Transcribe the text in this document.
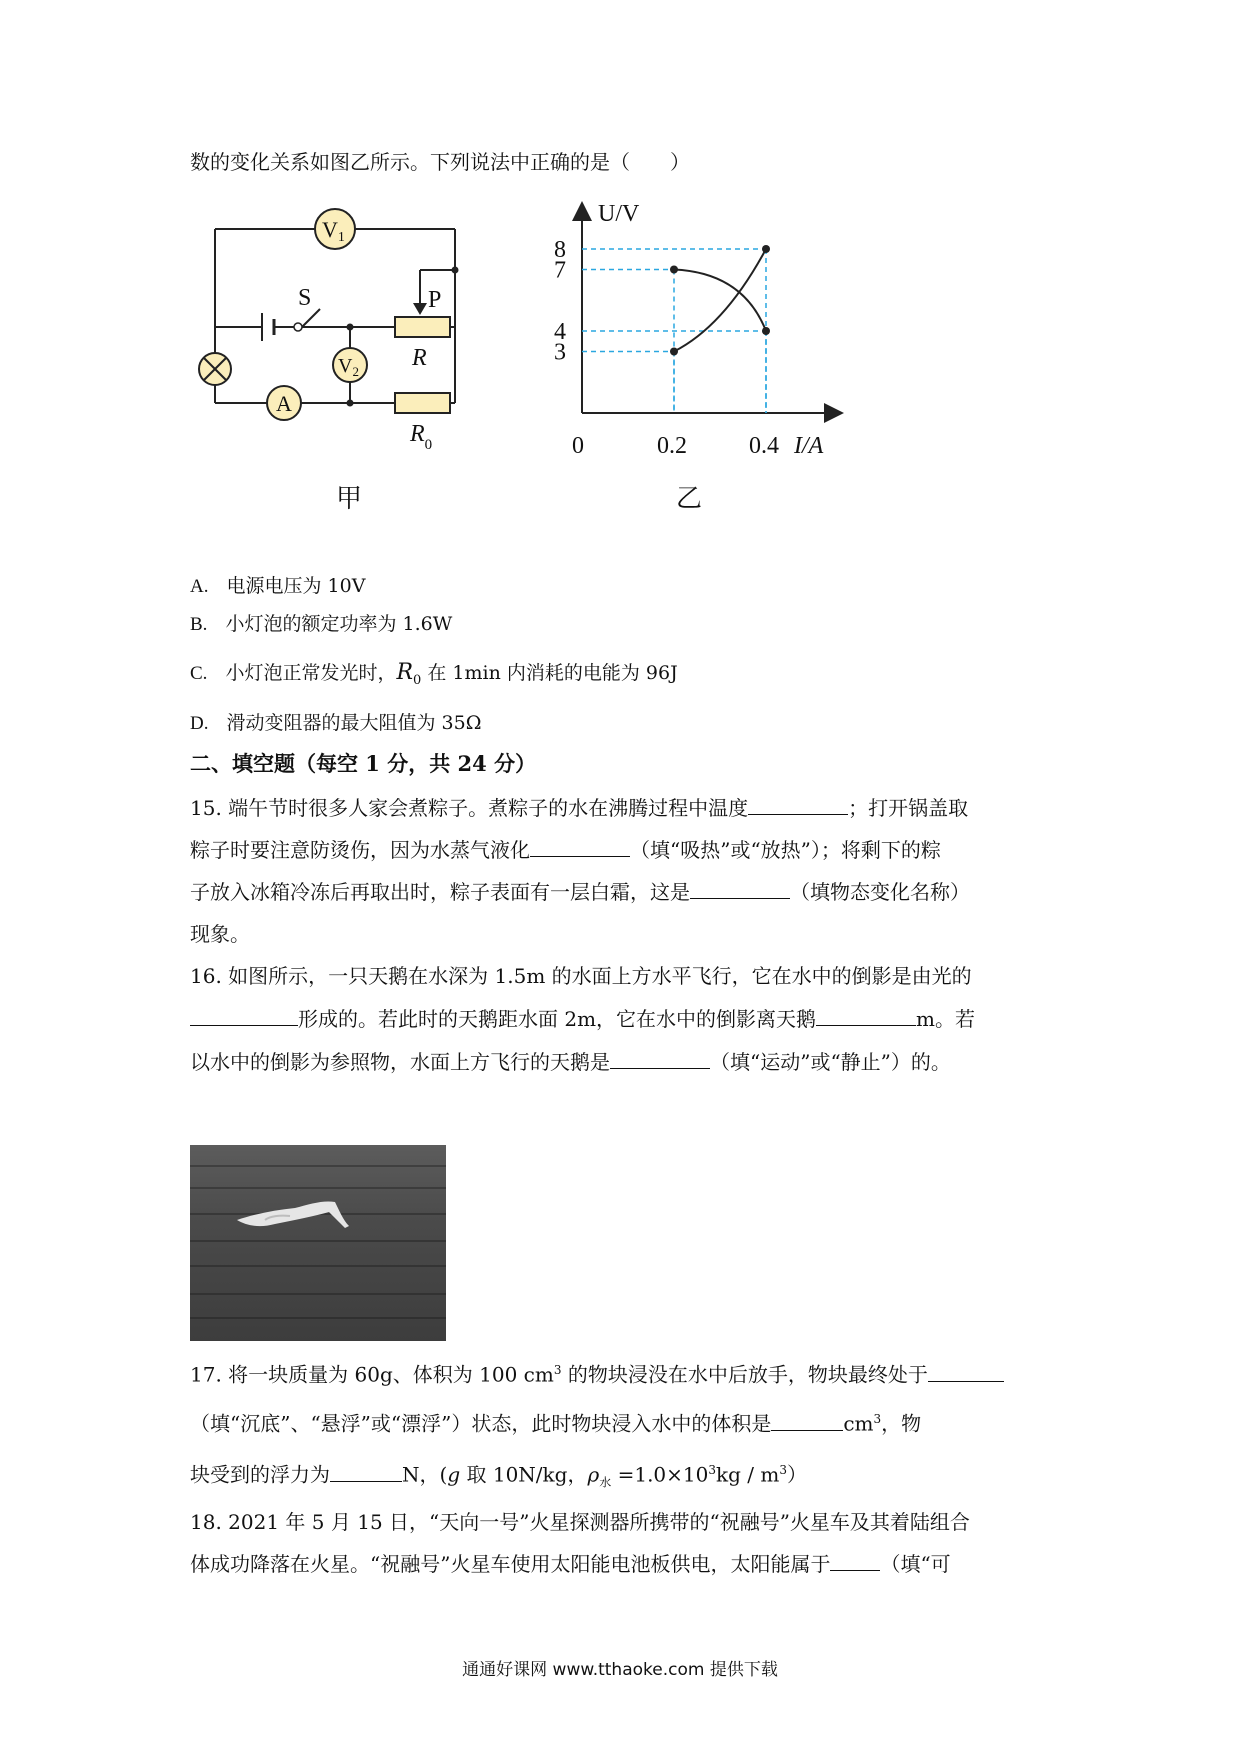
数的变化关系如图乙所示。下列说法中正确的是（　　）
S
V1
$V_2$
A
P
R
$R_0$
甲
U/V
3
4
7
8
0	0.2	0.4 I/A
乙
A. 电源电压为 10V
B. 小灯泡的额定功率为 1.6W
C. 小灯泡正常发光时，$R_0$ 在 1min 内消耗的电能为 96J
D. 滑动变阻器的最大阻值为 35Ω
二、填空题（每空 1 分，共 24 分）
15. 端午节时很多人家会煮粽子。煮粽子的水在沸腾过程中温度	；打开锅盖取
粽子时要注意防烫伤，因为水蒸气液化	（填“吸热”或“放热”）；将剩下的粽
子放入冰箱冷冻后再取出时，粽子表面有一层白霜，这是	（填物态变化名称）
现象。
16. 如图所示，一只天鹅在水深为 1.5m 的水面上方水平飞行，它在水中的倒影是由光的
形成的。若此时的天鹅距水面 2m，它在水中的倒影离天鹅	m。若
以水中的倒影为参照物，水面上方飞行的天鹅是	（填“运动”或“静止”）的。
17. 将一块质量为 60g、体积为 100 $cm^3$ 的物块浸没在水中后放手，物块最终处于
（填“沉底”、“悬浮”或“漂浮”）状态，此时物块浸入水中的体积是	$cm^3$，物
块受到的浮力为	N，(g 取 10N/kg，$\rho_水 =1.0\times 10^3kg / m^3$）
18. 2021 年 5 月 15 日，“天向一号”火星探测器所携带的“祝融号”火星车及其着陆组合
体成功降落在火星。“祝融号”火星车使用太阳能电池板供电，太阳能属于	（填“可
通通好课网 www.tthaoke.com 提供下载
